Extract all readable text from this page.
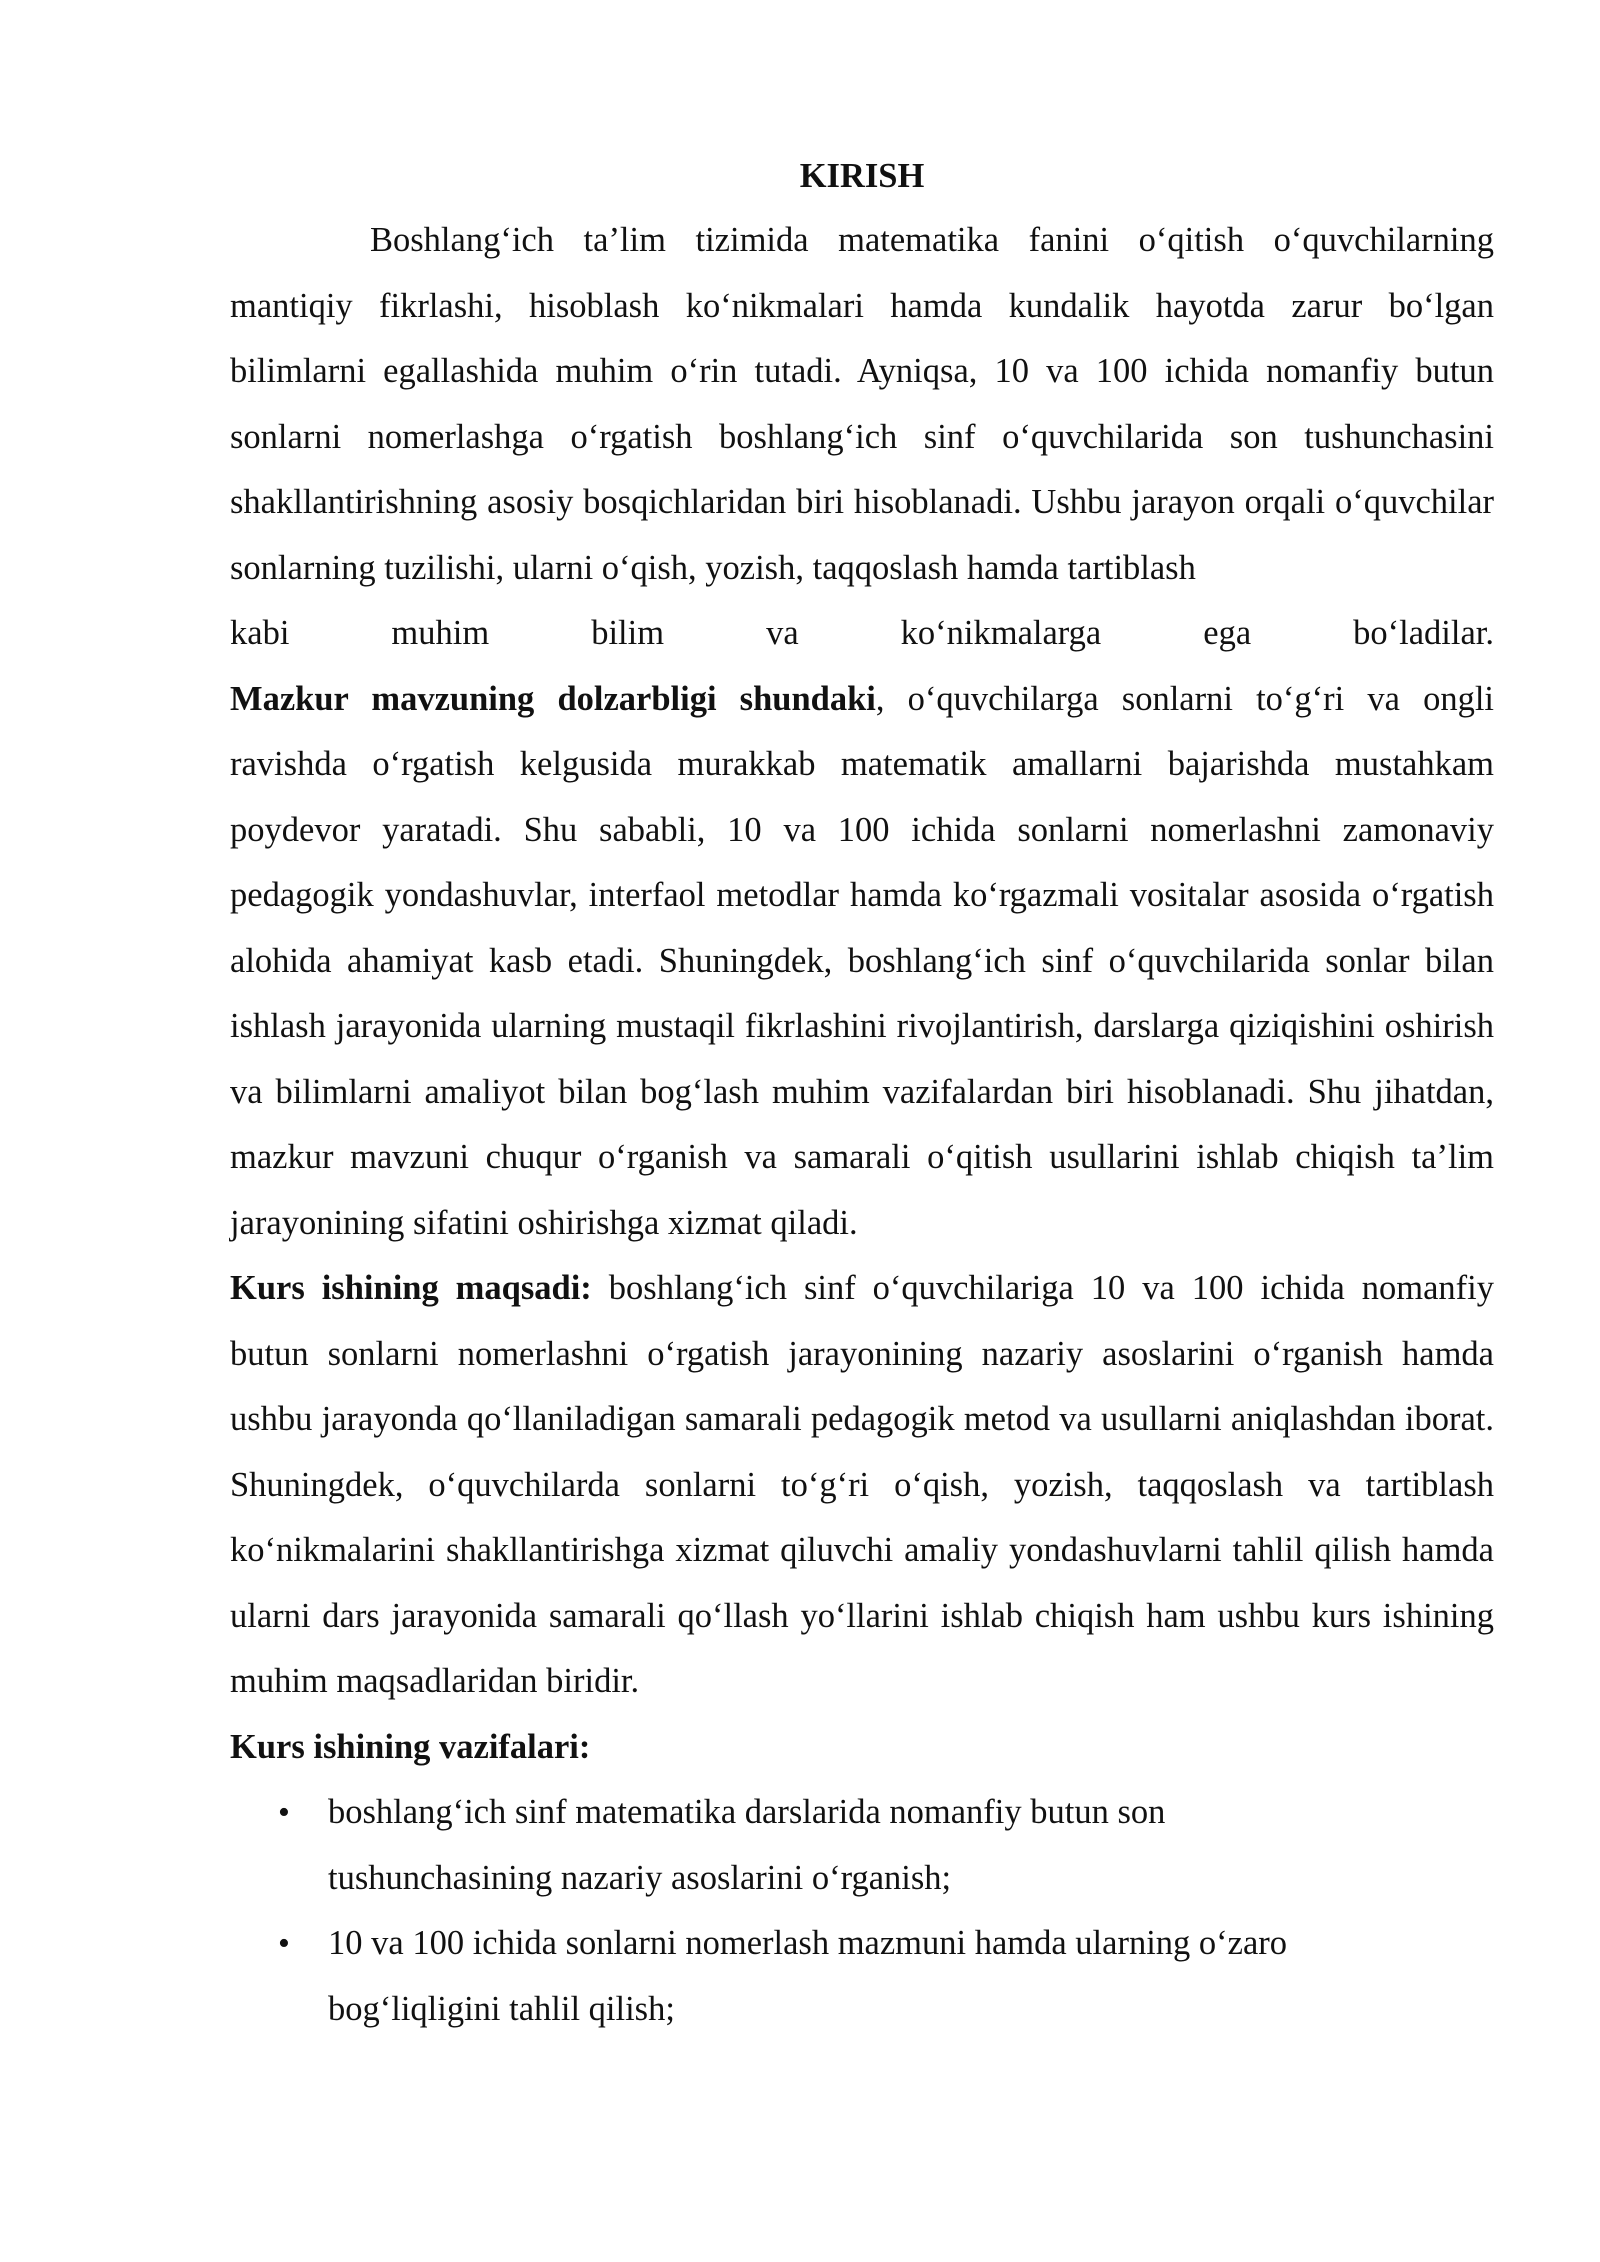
KIRISH

Boshlang‘ich ta’lim tizimida matematika fanini o‘qitish o‘quvchilarning mantiqiy fikrlashi, hisoblash ko‘nikmalari hamda kundalik hayotda zarur bo‘lgan bilimlarni egallashida muhim o‘rin tutadi. Ayniqsa, 10 va 100 ichida nomanfiy butun sonlarni nomerlashga o‘rgatish boshlang‘ich sinf o‘quvchilarida son tushunchasini shakllantirishning asosiy bosqichlaridan biri hisoblanadi. Ushbu jarayon orqali o‘quvchilar sonlarning tuzilishi, ularni o‘qish, yozish, taqqoslash hamda tartiblash

kabi muhim bilim va ko‘nikmalarga ega bo‘ladilar.

Mazkur mavzuning dolzarbligi shundaki, o‘quvchilarga sonlarni to‘g‘ri va ongli ravishda o‘rgatish kelgusida murakkab matematik amallarni bajarishda mustahkam poydevor yaratadi. Shu sababli, 10 va 100 ichida sonlarni nomerlashni zamonaviy pedagogik yondashuvlar, interfaol metodlar hamda ko‘rgazmali vositalar asosida o‘rgatish alohida ahamiyat kasb etadi. Shuningdek, boshlang‘ich sinf o‘quvchilarida sonlar bilan ishlash jarayonida ularning mustaqil fikrlashini rivojlantirish, darslarga qiziqishini oshirish va bilimlarni amaliyot bilan bog‘lash muhim vazifalardan biri hisoblanadi. Shu jihatdan, mazkur mavzuni chuqur o‘rganish va samarali o‘qitish usullarini ishlab chiqish ta’lim jarayonining sifatini oshirishga xizmat qiladi.

Kurs ishining maqsadi: boshlang‘ich sinf o‘quvchilariga 10 va 100 ichida nomanfiy butun sonlarni nomerlashni o‘rgatish jarayonining nazariy asoslarini o‘rganish hamda ushbu jarayonda qo‘llaniladigan samarali pedagogik metod va usullarni aniqlashdan iborat. Shuningdek, o‘quvchilarda sonlarni to‘g‘ri o‘qish, yozish, taqqoslash va tartiblash ko‘nikmalarini shakllantirishga xizmat qiluvchi amaliy yondashuvlarni tahlil qilish hamda ularni dars jarayonida samarali qo‘llash yo‘llarini ishlab chiqish ham ushbu kurs ishining muhim maqsadlaridan biridir.

Kurs ishining vazifalari:
• boshlang‘ich sinf matematika darslarida nomanfiy butun son
tushunchasining nazariy asoslarini o‘rganish;
• 10 va 100 ichida sonlarni nomerlash mazmuni hamda ularning o‘zaro
bog‘liqligini tahlil qilish;
